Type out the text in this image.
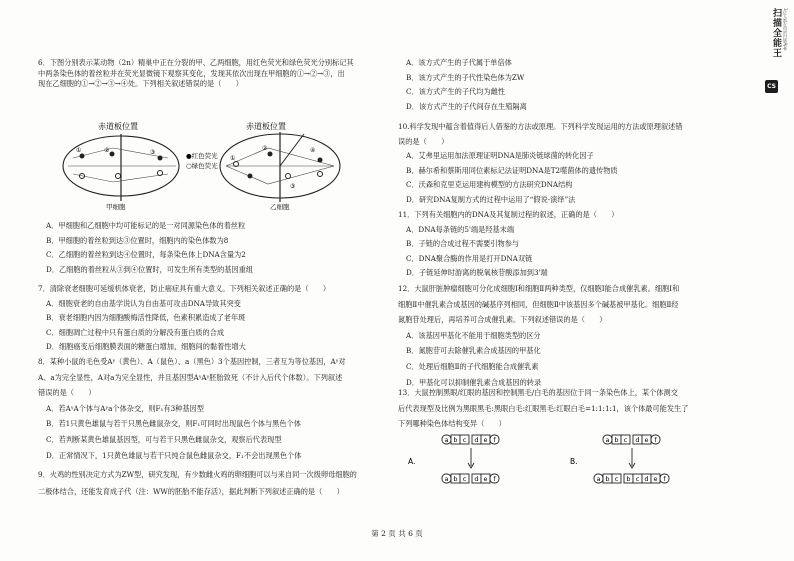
扫描全能王 3亿人都在用的扫描App
CS

6．下图分别表示某动物（2n）精巢中正在分裂的甲、乙两细胞，用红色荧光和绿色荧光分别标记其

中两条染色体的着丝粒并在荧光显微镜下观察其变化，发现其依次出现在甲细胞的①→②→③，出

现在乙细胞的①→②→③→④处。下列相关叙述错误的是（　　）

赤道板位置	赤道板位置
①	②	③
甲细胞
●红色荧光
○绿色荧光
①
②
③
④
乙细胞

A．甲细胞和乙细胞中均可能标记的是一对同源染色体的着丝粒

B．甲细胞的着丝粒到达③位置时，细胞内的染色体数为8

C．乙细胞的着丝粒到达④位置时，每条染色体上DNA含量为2

D．乙细胞的着丝粒从③到④位置时，可发生所有类型的基因重组

7．清除衰老细胞可延缓机体衰老，防止癌症具有重大意义。下列相关叙述正确的是（　　）

A．细胞衰老的自由基学说认为自由基可攻击DNA导致其突变

B．衰老细胞内因为细胞酸梅活性降低，色素积累造成了老年斑

C．细胞凋亡过程中只有蛋白质的分解没有蛋白质的合成

D．细胞癌变后细胞膜表面的糖蛋白增加，细胞间的黏着性增大

8．某种小鼠的毛色受Aᵞ（黄色）、A（鼠色）、a（黑色）3个基因控制，三者互为等位基因，Aᵞ对

A、a为完全显性，A对a为完全显性，并且基因型AᵞAᵞ胚胎致死（不计入后代个体数）。下列叙述

错误的是（　　）

A．若AᵞA个体与Aᵞa个体杂交，则F₁有3种基因型

B．若1只黄色雄鼠与若干只黑色雌鼠杂交，则F₁可同时出现鼠色个体与黑色个体

C．若判断某黄色雄鼠基因型，可与若干只黑色雌鼠杂交，观察后代表现型

D．正常情况下，1只黄色雄鼠与若干只纯合鼠色雌鼠杂交，F₁不会出现黑色个体

9．火鸡的性别决定方式为ZW型，研究发现，有少数雌火鸡的卵细胞可以与来自同一次级卵母细胞的

二极体结合，还能发育成子代（注：WW的胚胎不能存活），据此判断下列叙述正确的是（　　）

A．该方式产生的子代属于单倍体

B．该方式产生的子代性染色体为ZW

C．该方式产生的子代均为雌性

D．该方式产生的子代间存在生殖隔离

10.科学发现中蕴含着值得后人借鉴的方法或原理。下列科学发现运用的方法或原理叙述错

误的是（　　）

A．艾弗里运用加法原理证明DNA是肺炎链球菌的转化因子

B．赫尔希和蔡斯用同位素标记法证明DNA是T2噬菌体的遗传物质

C．沃森和克里克运用建构模型的方法研究DNA结构

D．研究DNA复制方式的过程中运用了“假说-演绎”法

11．下列有关细胞内的DNA及其复制过程的叙述，正确的是（　　）

A．DNA每条链的5'端是羟基末端

B．子链的合成过程不需要引物参与

C．DNA聚合酶的作用是打开DNA双链

D．子链延伸时游离的脱氧核苷酸添加到3'端

12．大鼠肝脏肿瘤细胞可分化成细胞Ⅰ和细胞Ⅱ两种类型，仅细胞Ⅰ能合成催乳素。细胞Ⅰ和

细胞Ⅱ中催乳素合成基因的碱基序列相同，但细胞Ⅱ中该基因多个碱基被甲基化。细胞Ⅱ经

氮胞苷处理后，再培养可合成催乳素。下列叙述错误的是（　　）

A．该基因甲基化不能用于细胞类型的区分

B．氮胞苷可去除催乳素合成基因的甲基化

C．处理后细胞Ⅱ的子代细胞能合成催乳素

D．甲基化可以抑制催乳素合成基因的转录

13．大鼠控制黑眼/红眼的基因和控制黑毛/白毛的基因位于同一条染色体上，某个体测交

后代表现型及比例为黑眼黑毛:黑眼白毛:红眼黑毛:红眼白毛=1:1:1:1，该个体最可能发生了

下列哪种染色体结构变异（　　）

A.	B.
a b c d e f
a b c d e f
a b c d e f
a b c b c d e f
第 2 页 共 6 页
